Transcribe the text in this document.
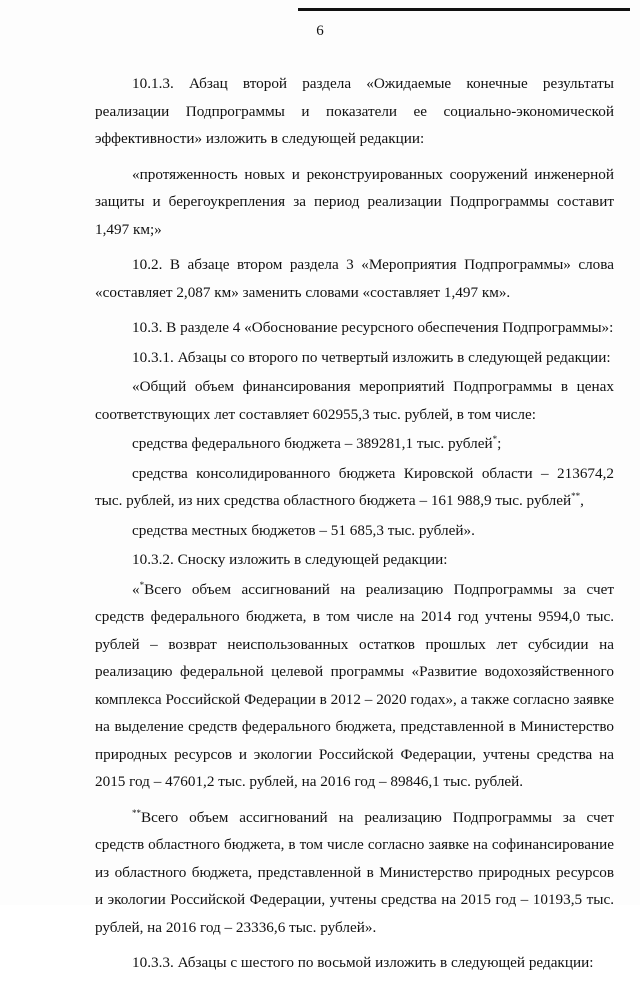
6

10.1.3. Абзац второй раздела «Ожидаемые конечные результаты реализации Подпрограммы и показатели ее социально-экономической эффективности» изложить в следующей редакции:

«протяженность новых и реконструированных сооружений инженерной защиты и берегоукрепления за период реализации Подпрограммы составит 1,497 км;»

10.2. В абзаце втором раздела 3 «Мероприятия Подпрограммы» слова «составляет 2,087 км» заменить словами «составляет 1,497 км».

10.3. В разделе 4 «Обоснование ресурсного обеспечения Подпрограммы»:

10.3.1. Абзацы со второго по четвертый изложить в следующей редакции:

«Общий объем финансирования мероприятий Подпрограммы в ценах соответствующих лет составляет 602955,3 тыс. рублей, в том числе:

средства федерального бюджета – 389281,1 тыс. рублей*;

средства консолидированного бюджета Кировской области – 213674,2 тыс. рублей, из них средства областного бюджета – 161 988,9 тыс. рублей**,

средства местных бюджетов – 51 685,3 тыс. рублей».

10.3.2. Сноску изложить в следующей редакции:

«*Всего объем ассигнований на реализацию Подпрограммы за счет средств федерального бюджета, в том числе на 2014 год учтены 9594,0 тыс. рублей – возврат неиспользованных остатков прошлых лет субсидии на реализацию федеральной целевой программы «Развитие водохозяйственного комплекса Российской Федерации в 2012 – 2020 годах», а также согласно заявке на выделение средств федерального бюджета, представленной в Министерство природных ресурсов и экологии Российской Федерации, учтены средства на 2015 год – 47601,2 тыс. рублей, на 2016 год – 89846,1 тыс. рублей.

**Всего объем ассигнований на реализацию Подпрограммы за счет средств областного бюджета, в том числе согласно заявке на софинансирование из областного бюджета, представленной в Министерство природных ресурсов и экологии Российской Федерации, учтены средства на 2015 год – 10193,5 тыс. рублей, на 2016 год – 23336,6 тыс. рублей».

10.3.3. Абзацы с шестого по восьмой изложить в следующей редакции:
